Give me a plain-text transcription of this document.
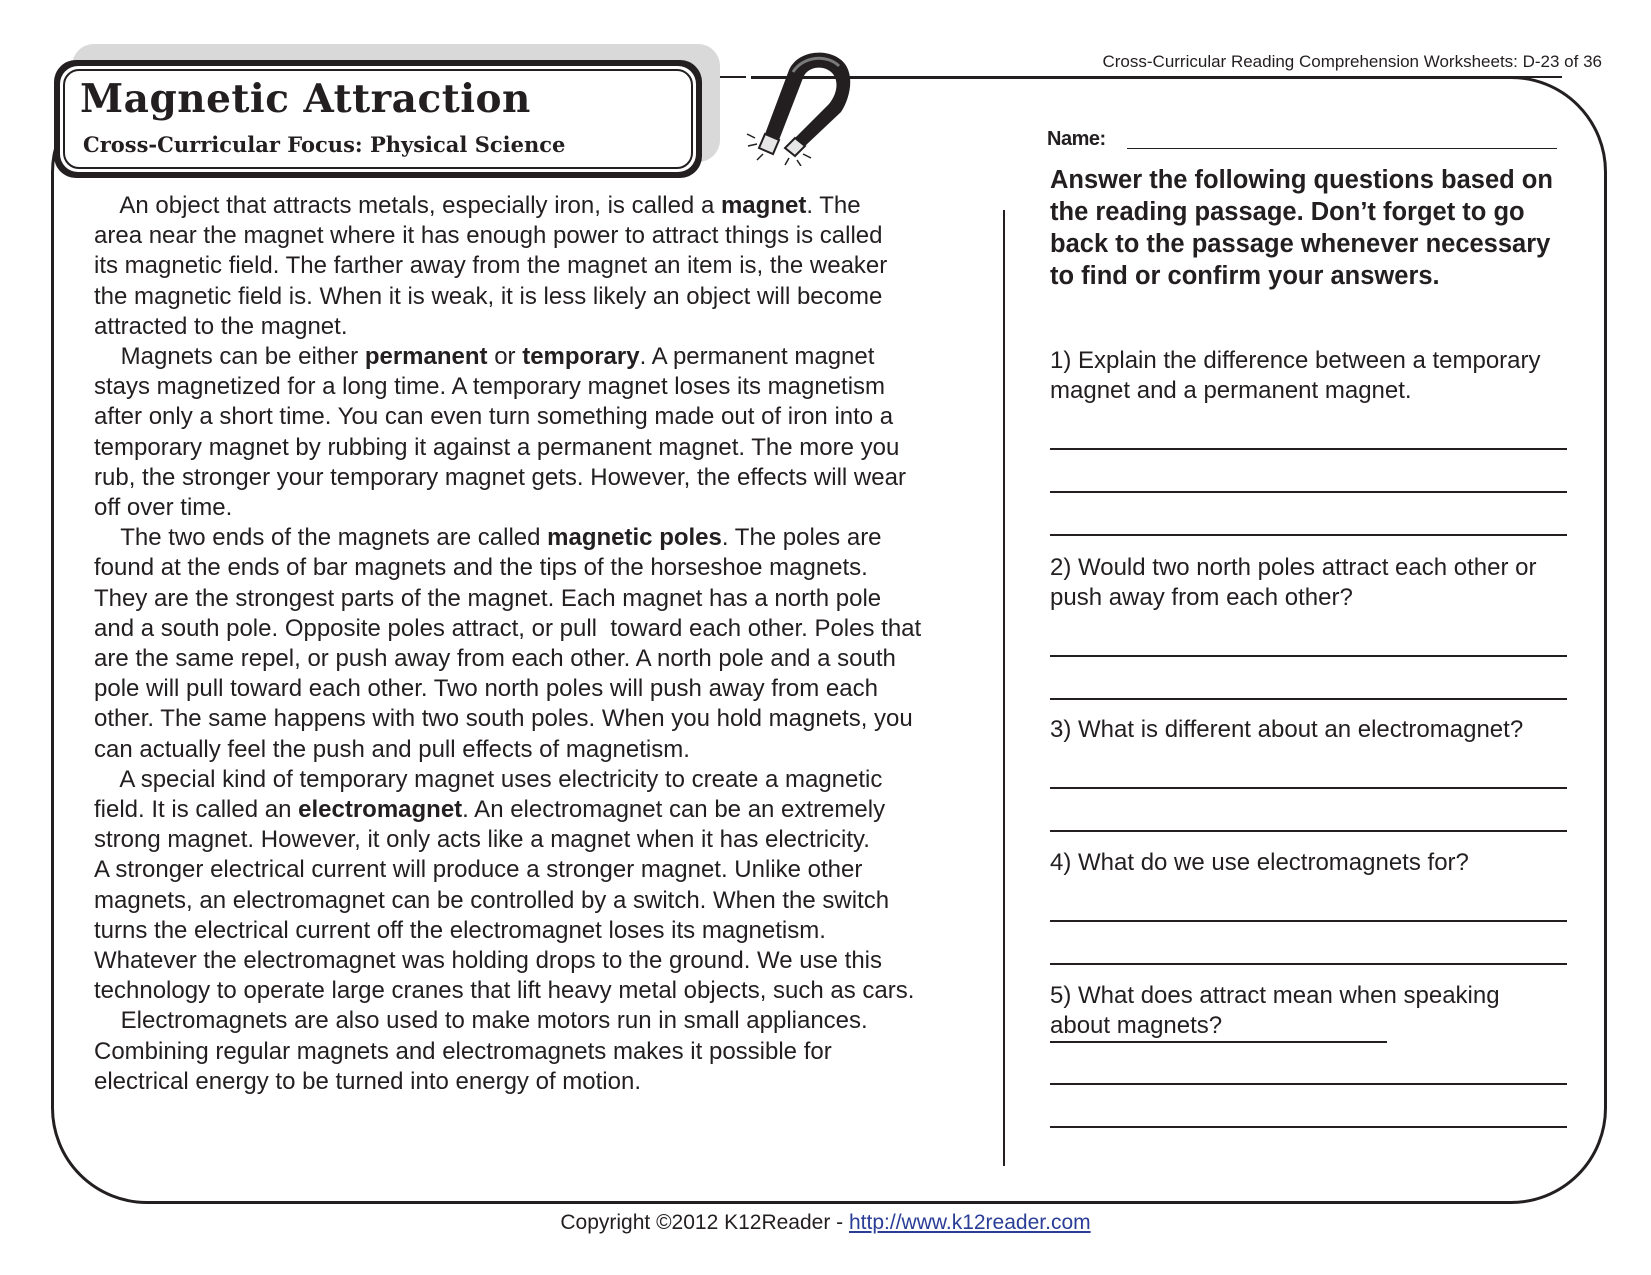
Magnetic Attraction
Cross-Curricular Focus: Physical Science
Cross-Curricular Reading Comprehension Worksheets: D-23 of 36
An object that attracts metals, especially iron, is called a magnet. The
area near the magnet where it has enough power to attract things is called
its magnetic field. The farther away from the magnet an item is, the weaker
the magnetic field is. When it is weak, it is less likely an object will become
attracted to the magnet.
Magnets can be either permanent or temporary. A permanent magnet
stays magnetized for a long time. A temporary magnet loses its magnetism
after only a short time. You can even turn something made out of iron into a
temporary magnet by rubbing it against a permanent magnet. The more you
rub, the stronger your temporary magnet gets. However, the effects will wear
off over time.
The two ends of the magnets are called magnetic poles. The poles are
found at the ends of bar magnets and the tips of the horseshoe magnets.
They are the strongest parts of the magnet. Each magnet has a north pole
and a south pole. Opposite poles attract, or pull  toward each other. Poles that
are the same repel, or push away from each other. A north pole and a south
pole will pull toward each other. Two north poles will push away from each
other. The same happens with two south poles. When you hold magnets, you
can actually feel the push and pull effects of magnetism.
A special kind of temporary magnet uses electricity to create a magnetic
field. It is called an electromagnet. An electromagnet can be an extremely
strong magnet. However, it only acts like a magnet when it has electricity.
A stronger electrical current will produce a stronger magnet. Unlike other
magnets, an electromagnet can be controlled by a switch. When the switch
turns the electrical current off the electromagnet loses its magnetism.
Whatever the electromagnet was holding drops to the ground. We use this
technology to operate large cranes that lift heavy metal objects, such as cars.
Electromagnets are also used to make motors run in small appliances.
Combining regular magnets and electromagnets makes it possible for
electrical energy to be turned into energy of motion.
Name:
Answer the following questions based on
the reading passage. Don’t forget to go
back to the passage whenever necessary
to find or confirm your answers.
1) Explain the difference between a temporary
magnet and a permanent magnet.
2) Would two north poles attract each other or
push away from each other?
3) What is different about an electromagnet?
4) What do we use electromagnets for?
5) What does attract mean when speaking
about magnets?
Copyright ©2012 K12Reader - http://www.k12reader.com
